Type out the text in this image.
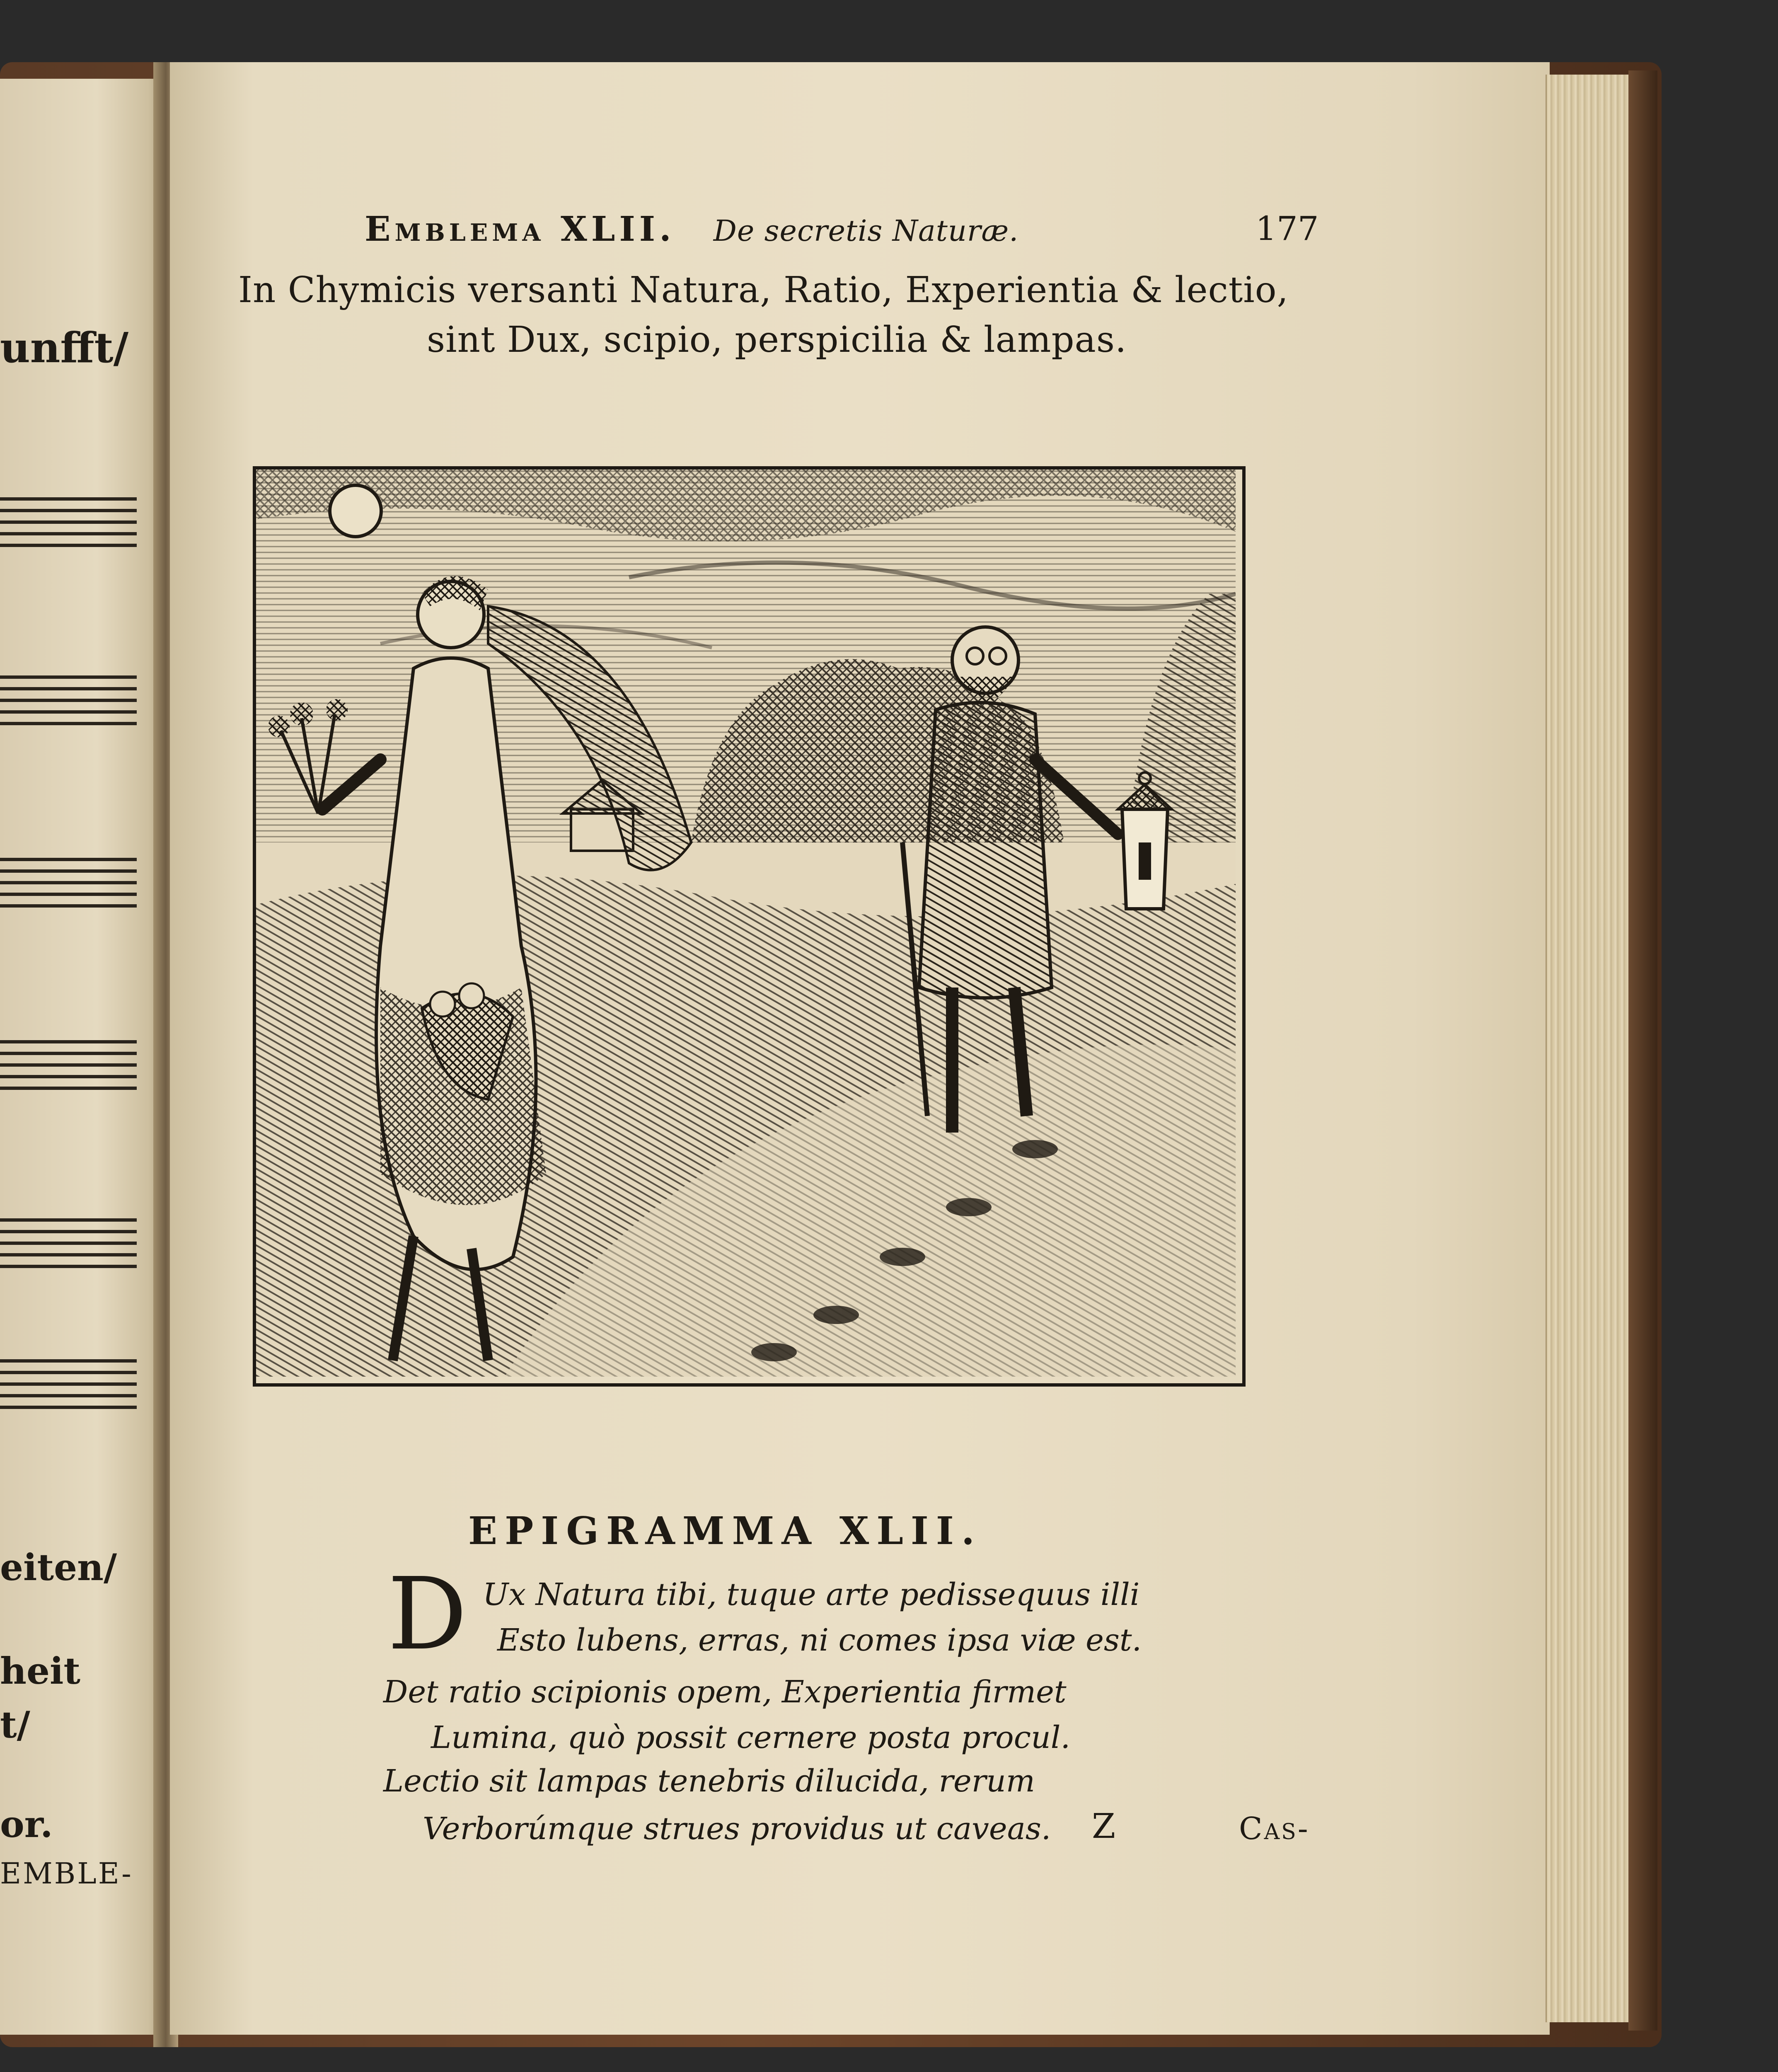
unfft/
eiten/
heit
t/
or.
EMBLE-
Emblema XLII. De secretis Naturæ.	177
In Chymicis versanti Natura, Ratio, Experientia & lectio,
sint Dux, scipio, perspicilia & lampas.
EPIGRAMMA XLII.
D Ux Natura tibi, tuque arte pedissequus illi
Esto lubens, erras, ni comes ipsa viæ est.
Det ratio scipionis opem, Experientia firmet
Lumina, quò possit cernere posta procul.
Lectio sit lampas tenebris dilucida, rerum
Verborúmque strues providus ut caveas. Z	Cas-
